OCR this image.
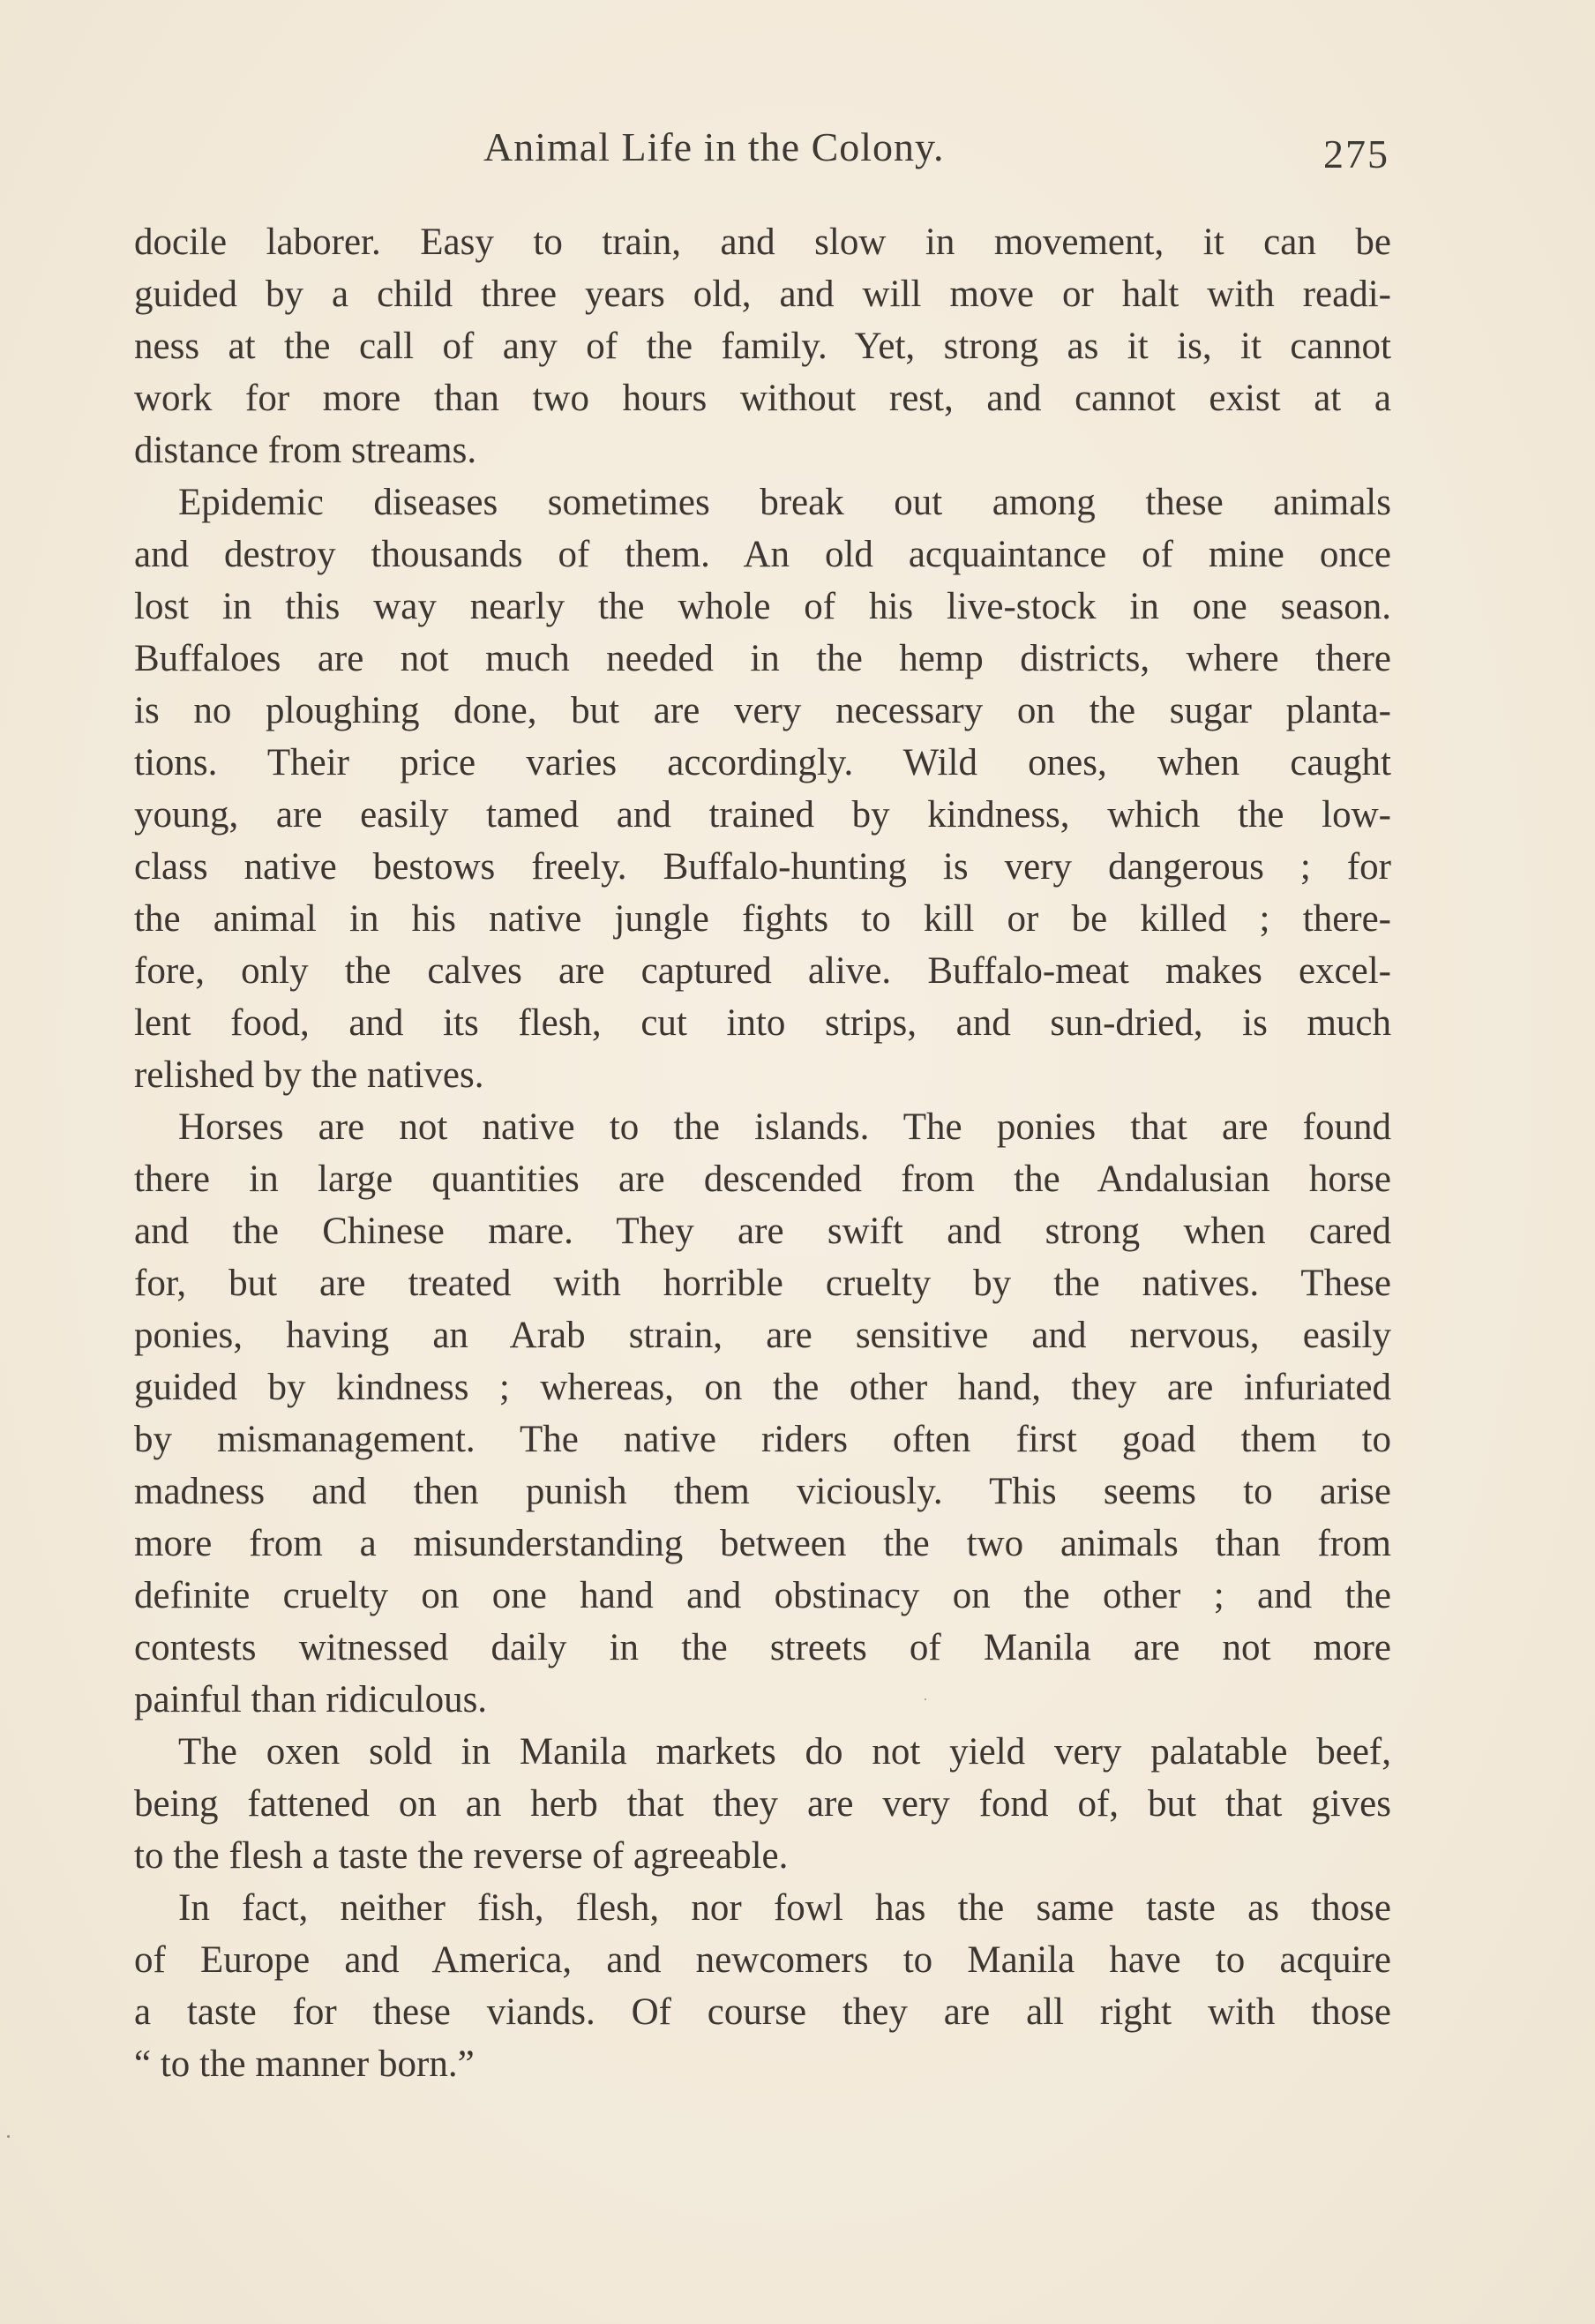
Animal Life in the Colony.	275
docile laborer. Easy to train, and slow in movement, it can be
guided by a child three years old, and will move or halt with readi-
ness at the call of any of the family. Yet, strong as it is, it cannot
work for more than two hours without rest, and cannot exist at a
distance from streams.
Epidemic diseases sometimes break out among these animals
and destroy thousands of them. An old acquaintance of mine once
lost in this way nearly the whole of his live-stock in one season.
Buffaloes are not much needed in the hemp districts, where there
is no ploughing done, but are very necessary on the sugar planta-
tions. Their price varies accordingly. Wild ones, when caught
young, are easily tamed and trained by kindness, which the low-
class native bestows freely. Buffalo-hunting is very dangerous ; for
the animal in his native jungle fights to kill or be killed ; there-
fore, only the calves are captured alive. Buffalo-meat makes excel-
lent food, and its flesh, cut into strips, and sun-dried, is much
relished by the natives.
Horses are not native to the islands. The ponies that are found
there in large quantities are descended from the Andalusian horse
and the Chinese mare. They are swift and strong when cared
for, but are treated with horrible cruelty by the natives. These
ponies, having an Arab strain, are sensitive and nervous, easily
guided by kindness ; whereas, on the other hand, they are infuriated
by mismanagement. The native riders often first goad them to
madness and then punish them viciously. This seems to arise
more from a misunderstanding between the two animals than from
definite cruelty on one hand and obstinacy on the other ; and the
contests witnessed daily in the streets of Manila are not more
painful than ridiculous.
The oxen sold in Manila markets do not yield very palatable beef,
being fattened on an herb that they are very fond of, but that gives
to the flesh a taste the reverse of agreeable.
In fact, neither fish, flesh, nor fowl has the same taste as those
of Europe and America, and newcomers to Manila have to acquire
a taste for these viands. Of course they are all right with those
“ to the manner born.”
